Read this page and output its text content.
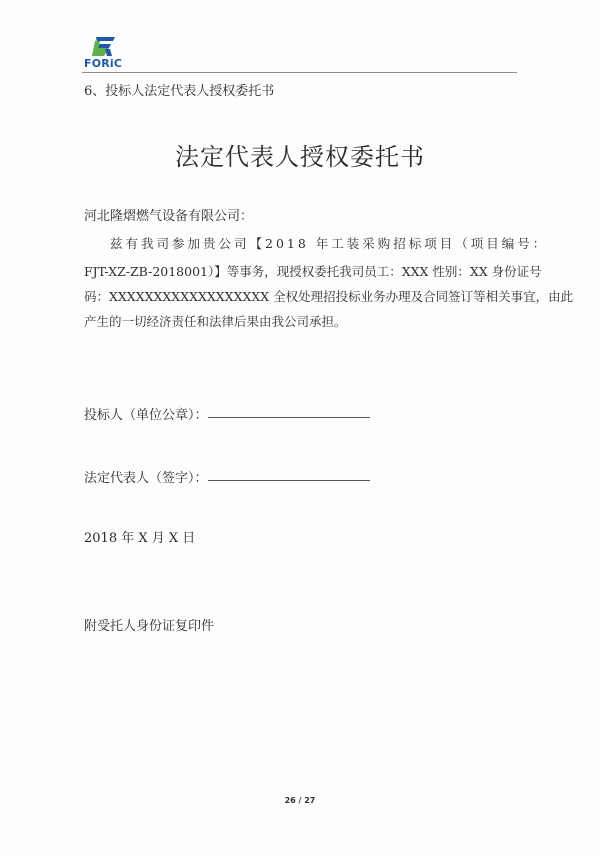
FORiC
6、投标人法定代表人授权委托书
法定代表人授权委托书
河北隆熠燃气设备有限公司：
兹有我司参加贵公司【2018 年工装采购招标项目（项目编号：
FJT-XZ-ZB-2018001）】等事务，现授权委托我司员工：XXX 性别：XX 身份证号
码：XXXXXXXXXXXXXXXXXX 全权处理招投标业务办理及合同签订等相关事宜，由此
产生的一切经济责任和法律后果由我公司承担。
投标人（单位公章）：
法定代表人（签字）：
2018 年 X 月 X 日
附受托人身份证复印件
26 / 27
